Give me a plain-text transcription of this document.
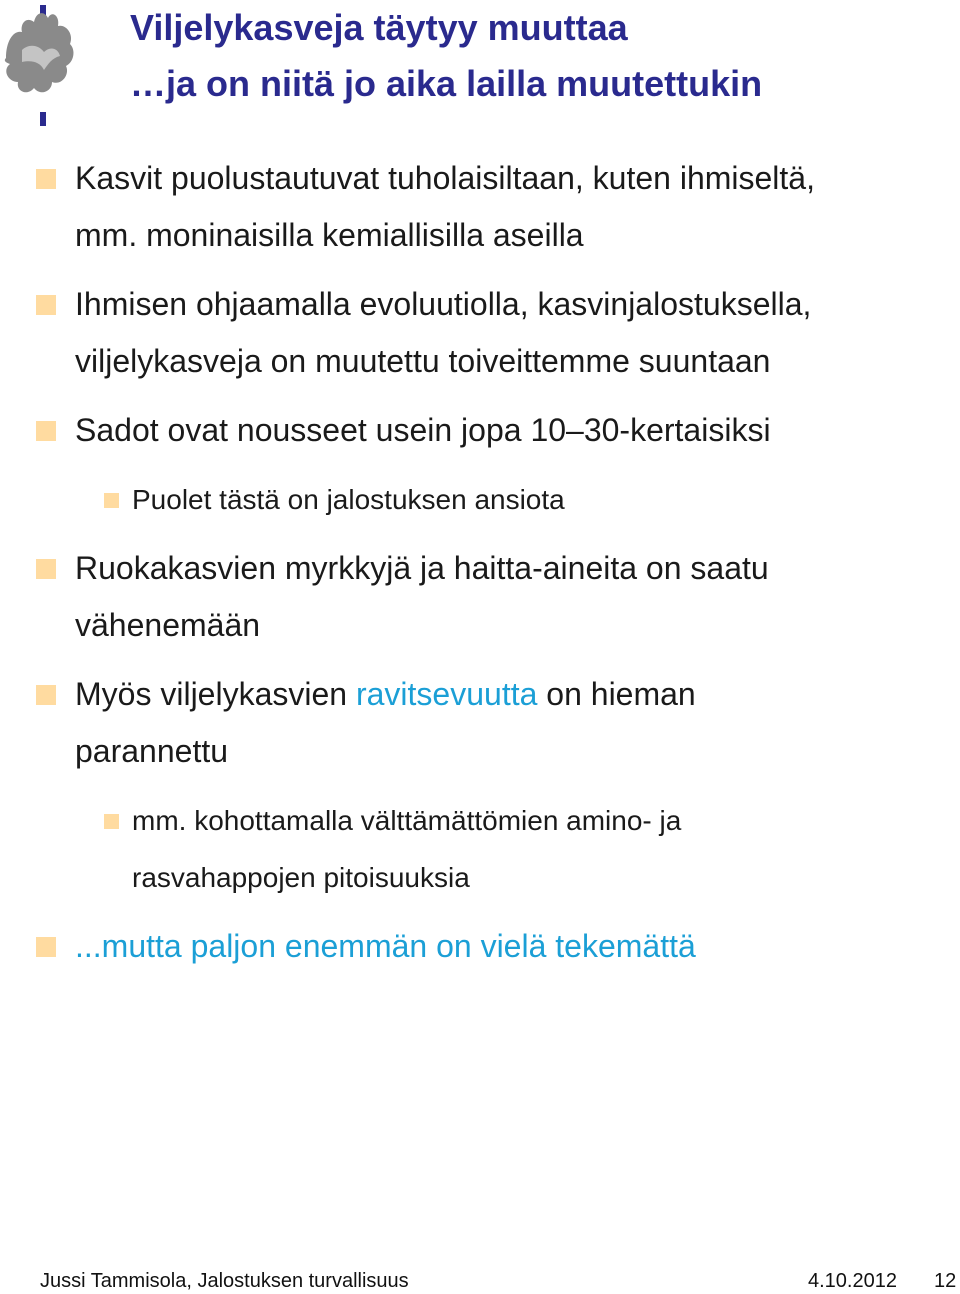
Viljelykasveja täytyy muuttaa
…ja on niitä jo aika lailla muutettukin
Kasvit puolustautuvat tuholaisiltaan, kuten ihmiseltä,
mm. moninaisilla kemiallisilla aseilla
Ihmisen ohjaamalla evoluutiolla, kasvinjalostuksella,
viljelykasveja on muutettu toiveittemme suuntaan
Sadot ovat nousseet usein jopa 10–30-kertaisiksi
Puolet tästä on jalostuksen ansiota
Ruokakasvien myrkkyjä ja haitta-aineita on saatu
vähenemään
Myös viljelykasvien ravitsevuutta on hieman
parannettu
mm. kohottamalla välttämättömien amino- ja
rasvahappojen pitoisuuksia
...mutta paljon enemmän on vielä tekemättä
Jussi Tammisola, Jalostuksen turvallisuus	4.10.2012 12
